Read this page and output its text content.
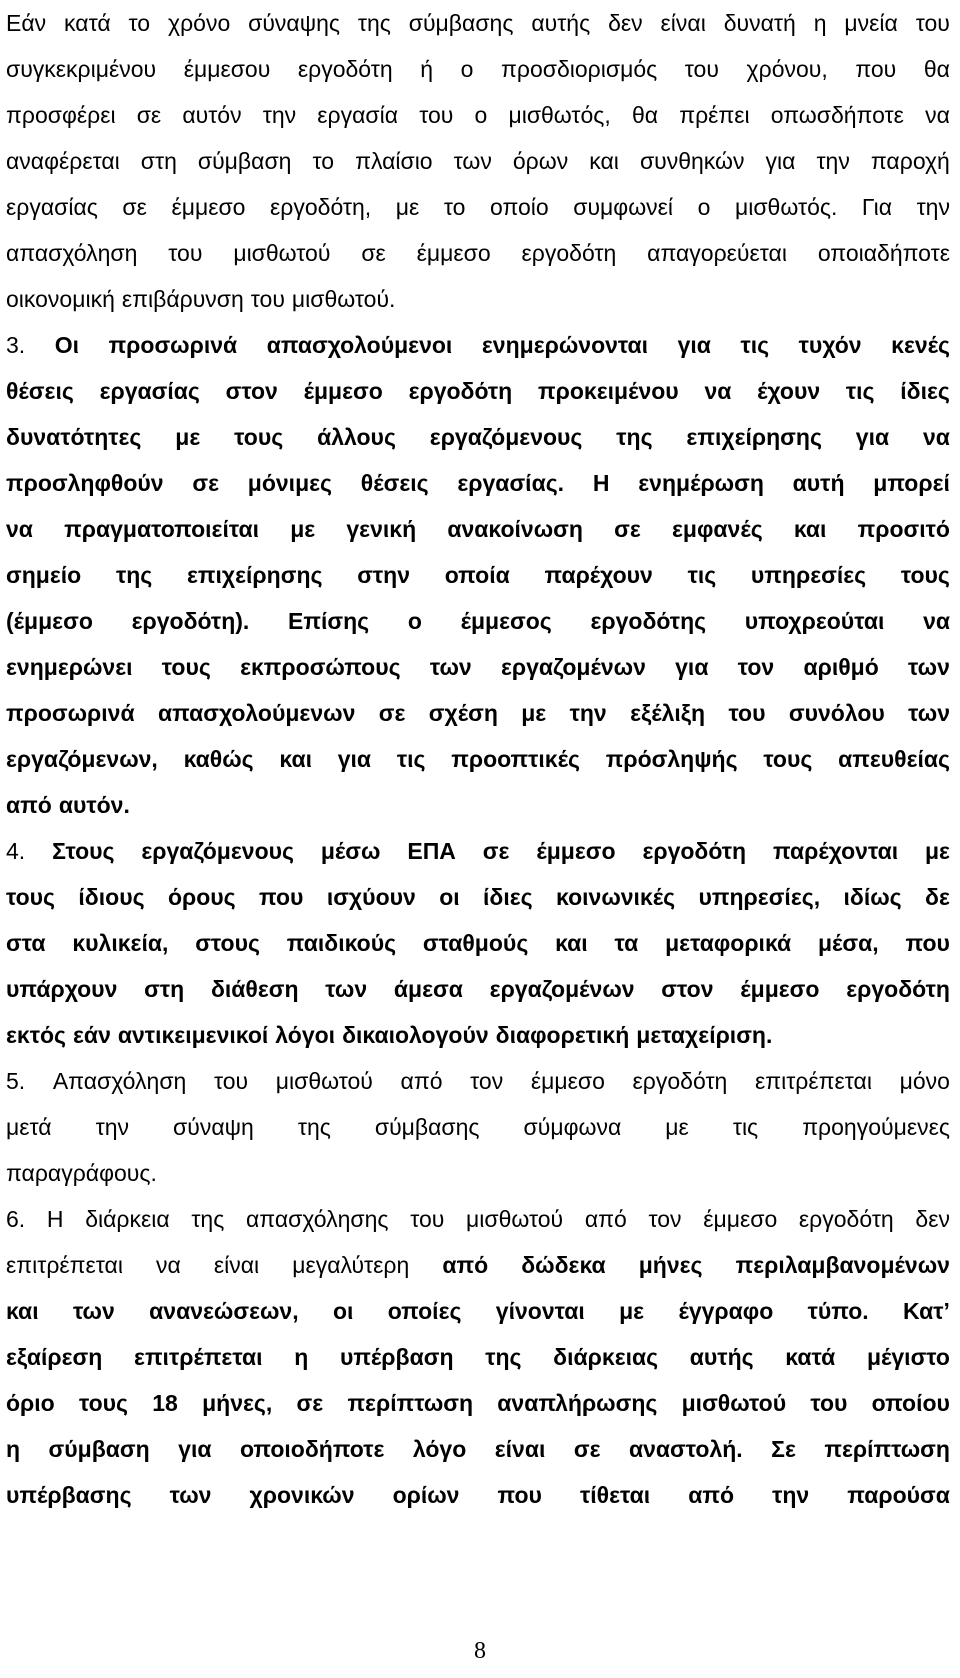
Εάν κατά το χρόνο σύναψης της σύμβασης αυτής δεν είναι δυνατή η μνεία του
συγκεκριμένου έμμεσου εργοδότη ή ο προσδιορισμός του χρόνου, που θα
προσφέρει σε αυτόν την εργασία του ο μισθωτός, θα πρέπει οπωσδήποτε να
αναφέρεται στη σύμβαση το πλαίσιο των όρων και συνθηκών για την παροχή
εργασίας σε έμμεσο εργοδότη, με το οποίο συμφωνεί ο μισθωτός. Για την
απασχόληση του μισθωτού σε έμμεσο εργοδότη απαγορεύεται οποιαδήποτε
οικονομική επιβάρυνση του μισθωτού.
3. Οι προσωρινά απασχολούμενοι ενημερώνονται για τις τυχόν κενές
θέσεις εργασίας στον έμμεσο εργοδότη προκειμένου να έχουν τις ίδιες
δυνατότητες με τους άλλους εργαζόμενους της επιχείρησης για να
προσληφθούν σε μόνιμες θέσεις εργασίας. Η ενημέρωση αυτή μπορεί
να πραγματοποιείται με γενική ανακοίνωση σε εμφανές και προσιτό
σημείο της επιχείρησης στην οποία παρέχουν τις υπηρεσίες τους
(έμμεσο εργοδότη). Επίσης ο έμμεσος εργοδότης υποχρεούται να
ενημερώνει τους εκπροσώπους των εργαζομένων για τον αριθμό των
προσωρινά απασχολούμενων σε σχέση με την εξέλιξη του συνόλου των
εργαζόμενων, καθώς και για τις προοπτικές πρόσληψής τους απευθείας
από αυτόν.
4. Στους εργαζόμενους μέσω ΕΠΑ σε έμμεσο εργοδότη παρέχονται με
τους ίδιους όρους που ισχύουν οι ίδιες κοινωνικές υπηρεσίες, ιδίως δε
στα κυλικεία, στους παιδικούς σταθμούς και τα μεταφορικά μέσα, που
υπάρχουν στη διάθεση των άμεσα εργαζομένων στον έμμεσο εργοδότη
εκτός εάν αντικειμενικοί λόγοι δικαιολογούν διαφορετική μεταχείριση.
5. Απασχόληση του μισθωτού από τον έμμεσο εργοδότη επιτρέπεται μόνο
μετά την σύναψη της σύμβασης σύμφωνα με τις προηγούμενες
παραγράφους.
6. Η διάρκεια της απασχόλησης του μισθωτού από τον έμμεσο εργοδότη δεν
επιτρέπεται να είναι μεγαλύτερη από δώδεκα μήνες περιλαμβανομένων
και των ανανεώσεων, οι οποίες γίνονται με έγγραφο τύπο. Κατ’
εξαίρεση επιτρέπεται η υπέρβαση της διάρκειας αυτής κατά μέγιστο
όριο τους 18 μήνες, σε περίπτωση αναπλήρωσης μισθωτού του οποίου
η σύμβαση για οποιοδήποτε λόγο είναι σε αναστολή. Σε περίπτωση
υπέρβασης των χρονικών ορίων που τίθεται από την παρούσα
8
